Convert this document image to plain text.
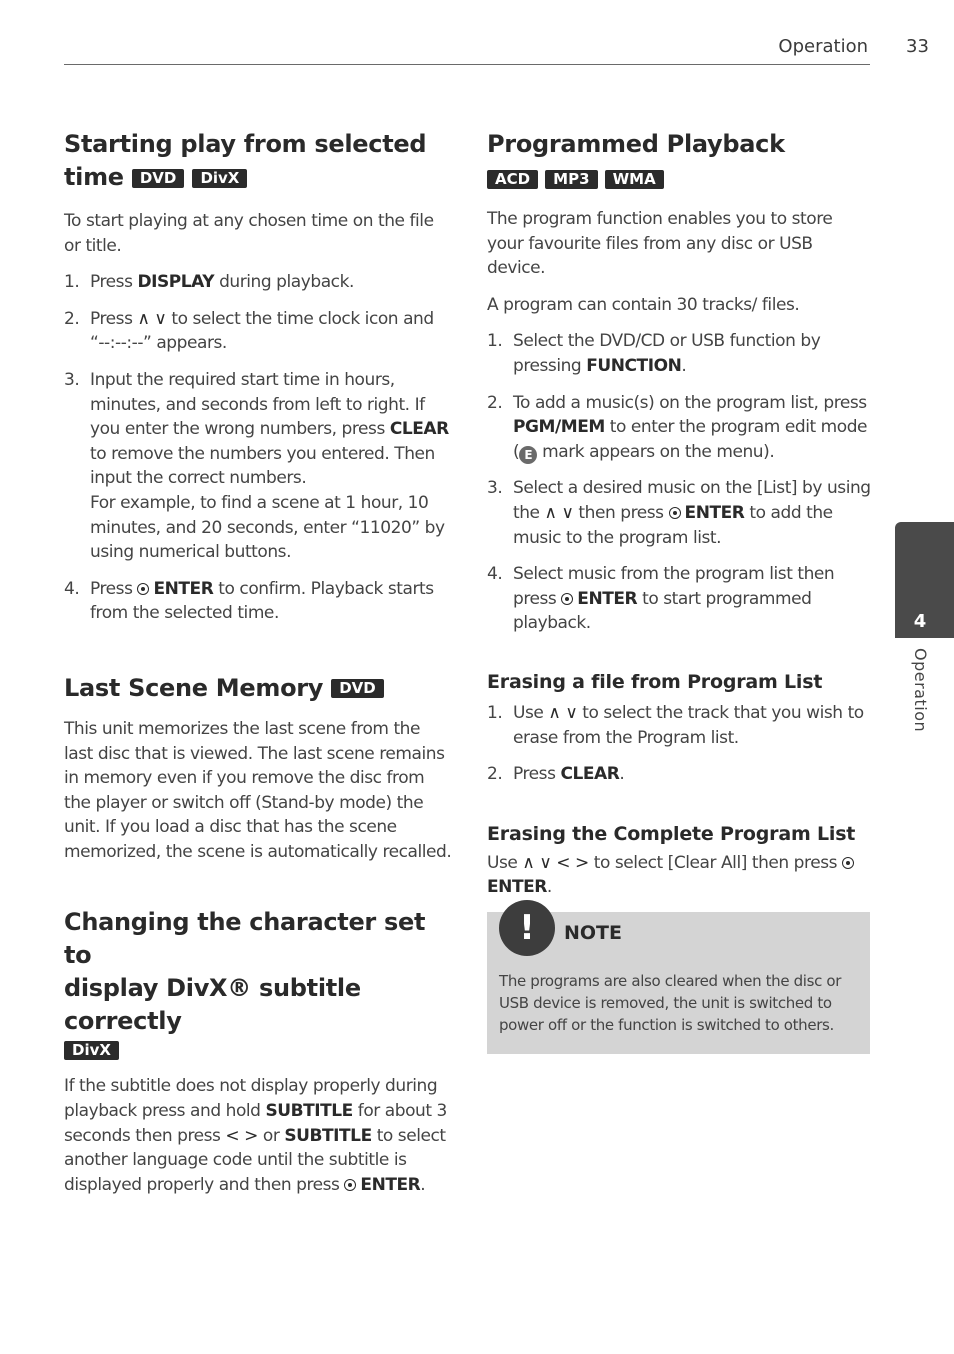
Operation 33
Starting play from selected
time DVD DivX

To start playing at any chosen time on the file or title.

1. Press DISPLAY during playback.
2. Press ∧ ∨ to select the time clock icon and “--:--:--” appears.
3. Input the required start time in hours, minutes, and seconds from left to right. If you enter the wrong numbers, press CLEAR to remove the numbers you entered. Then input the correct numbers.
For example, to find a scene at 1 hour, 10 minutes, and 20 seconds, enter “11020” by using numerical buttons.
4. Press ENTER to confirm. Playback starts from the selected time.
Last Scene Memory DVD

This unit memorizes the last scene from the last disc that is viewed. The last scene remains in memory even if you remove the disc from the player or switch off (Stand-by mode) the unit. If you load a disc that has the scene memorized, the scene is automatically recalled.

Changing the character set to
display DivX® subtitle correctly
DivX

If the subtitle does not display properly during playback press and hold SUBTITLE for about 3 seconds then press < > or SUBTITLE to select another language code until the subtitle is displayed properly and then press ENTER.

Programmed Playback
ACD MP3 WMA

The program function enables you to store your favourite files from any disc or USB device.

A program can contain 30 tracks/ files.

1. Select the DVD/CD or USB function by pressing FUNCTION.
2. To add a music(s) on the program list, press PGM/MEM to enter the program edit mode ( E mark appears on the menu).
3. Select a desired music on the [List] by using the ∧ ∨ then press ENTER to add the music to the program list.
4. Select music from the program list then press ENTER to start programmed playback.
Erasing a file from Program List
1. Use ∧ ∨ to select the track that you wish to erase from the Program list.
2. Press CLEAR.
Erasing the Complete Program List

Use ∧ ∨ < > to select [Clear All] then press ENTER.

!	NOTE
The programs are also cleared when the disc or USB device is removed, the unit is switched to power off or the function is switched to others.
4
Operation
